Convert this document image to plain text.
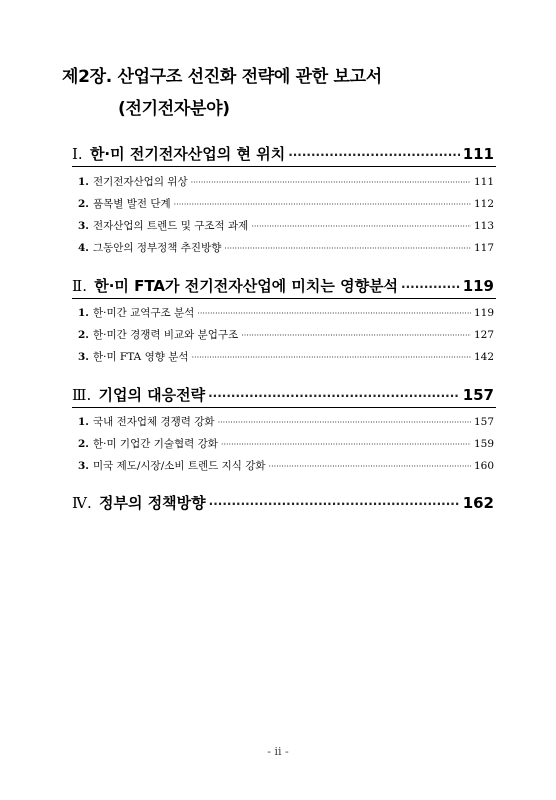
제2장. 산업구조 선진화 전략에 관한 보고서
(전기전자분야)
Ⅰ. 한·미 전기전자산업의 현 위치 ·····	111
1. 전기전자산업의 위상 ·····	111
2. 품목별 발전 단계 ·····	112
3. 전자산업의 트렌드 및 구조적 과제 ·····	113
4. 그동안의 정부정책 추진방향 ·····	117
Ⅱ. 한·미 FTA가 전기전자산업에 미치는 영향분석 ·····	119
1. 한·미간 교역구조 분석 ·····	119
2. 한·미간 경쟁력 비교와 분업구조 ·····	127
3. 한·미 FTA 영향 분석 ·····	142
Ⅲ. 기업의 대응전략 ·····	157
1. 국내 전자업체 경쟁력 강화 ·····	157
2. 한·미 기업간 기술협력 강화 ·····	159
3. 미국 제도/시장/소비 트렌드 지식 강화 ·····	160
Ⅳ. 정부의 정책방향 ·····	162
- ii -
